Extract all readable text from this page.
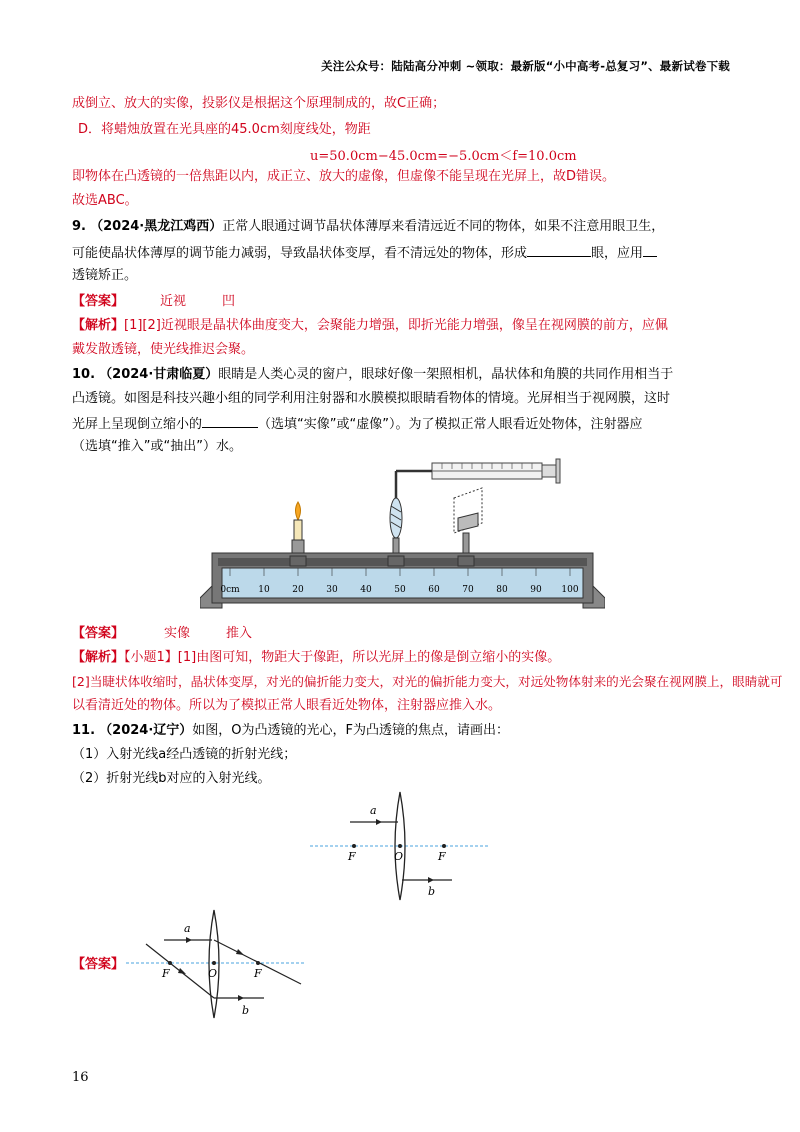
关注公众号：陆陆高分冲刺 ~领取：最新版“小中高考-总复习”、最新试卷下载
成倒立、放大的实像，投影仪是根据这个原理制成的，故C正确；
D．将蜡烛放置在光具座的45.0cm刻度线处，物距
u=50.0cm−45.0cm=−5.0cm＜f=10.0cm
即物体在凸透镜的一倍焦距以内，成正立、放大的虚像，但虚像不能呈现在光屏上，故D错误。
故选ABC。
9. （2024·黑龙江鸡西）正常人眼通过调节晶状体薄厚来看清远近不同的物体，如果不注意用眼卫生，
可能使晶状体薄厚的调节能力减弱，导致晶状体变厚，看不清远处的物体，形成	眼，应用
透镜矫正。
【答案】	近视	凹
【解析】[1][2]近视眼是晶状体曲度变大，会聚能力增强，即折光能力增强，像呈在视网膜的前方，应佩
戴发散透镜，使光线推迟会聚。
10. （2024·甘肃临夏）眼睛是人类心灵的窗户，眼球好像一架照相机，晶状体和角膜的共同作用相当于
凸透镜。如图是科技兴趣小组的同学利用注射器和水膜模拟眼睛看物体的情境。光屏相当于视网膜，这时
光屏上呈现倒立缩小的	（选填“实像”或“虚像”）。为了模拟正常人眼看近处物体，注射器应
（选填“推入”或“抽出”）水。
0cm 10	20	30	40	50	60	70	80	90 100
【答案】	实像	推入
【解析】【小题1】[1]由图可知，物距大于像距，所以光屏上的像是倒立缩小的实像。
[2]当睫状体收缩时，晶状体变厚，对光的偏折能力变大，对光的偏折能力变大，对远处物体射来的光会聚在视网膜上，眼睛就可
以看清近处的物体。所以为了模拟正常人眼看近处物体，注射器应推入水。
11. （2024·辽宁）如图，O为凸透镜的光心，F为凸透镜的焦点，请画出：
（1）入射光线a经凸透镜的折射光线；
（2）折射光线b对应的入射光线。
a
b
F	O	F
【答案】
a
b
F	O	F
16
